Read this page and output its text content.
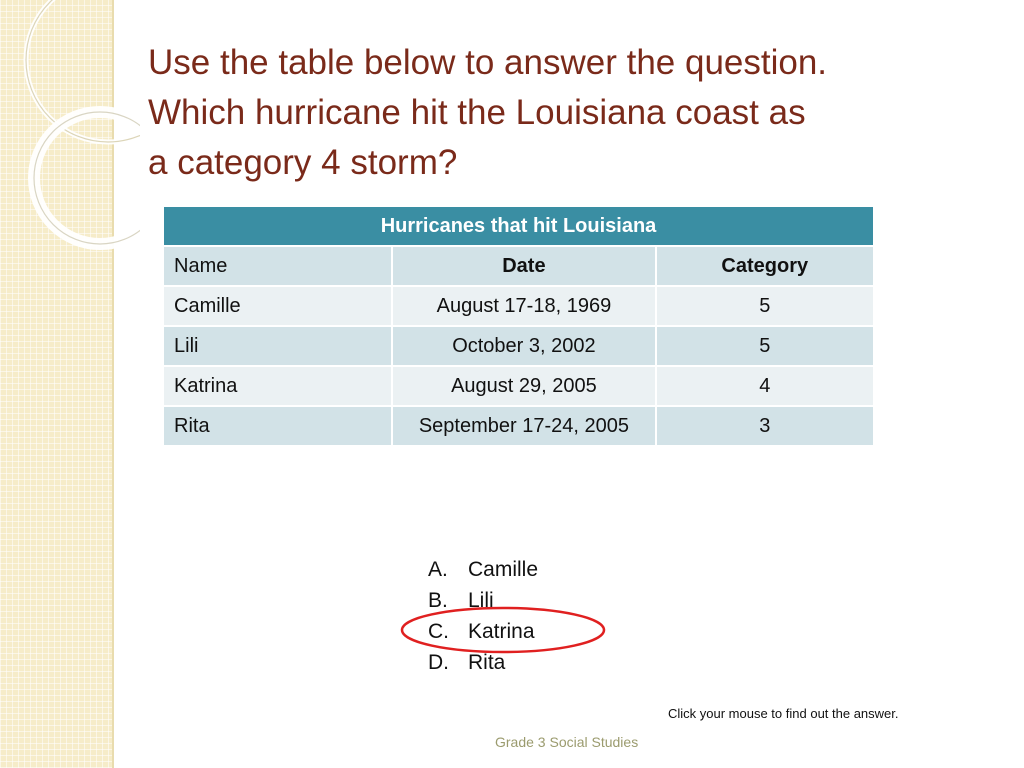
Use the table below to answer the question.
Which hurricane hit the Louisiana coast as
a category 4 storm?
Hurricanes that hit Louisiana		
Name	Date	Category
Camille	August 17-18, 1969	5
Lili	October 3, 2002	5
Katrina	August 29, 2005	4
Rita	September 17-24, 2005	3
A. Camille
B. Lili
C. Katrina
D. Rita
Click your mouse to find out the answer.
Grade 3 Social Studies
